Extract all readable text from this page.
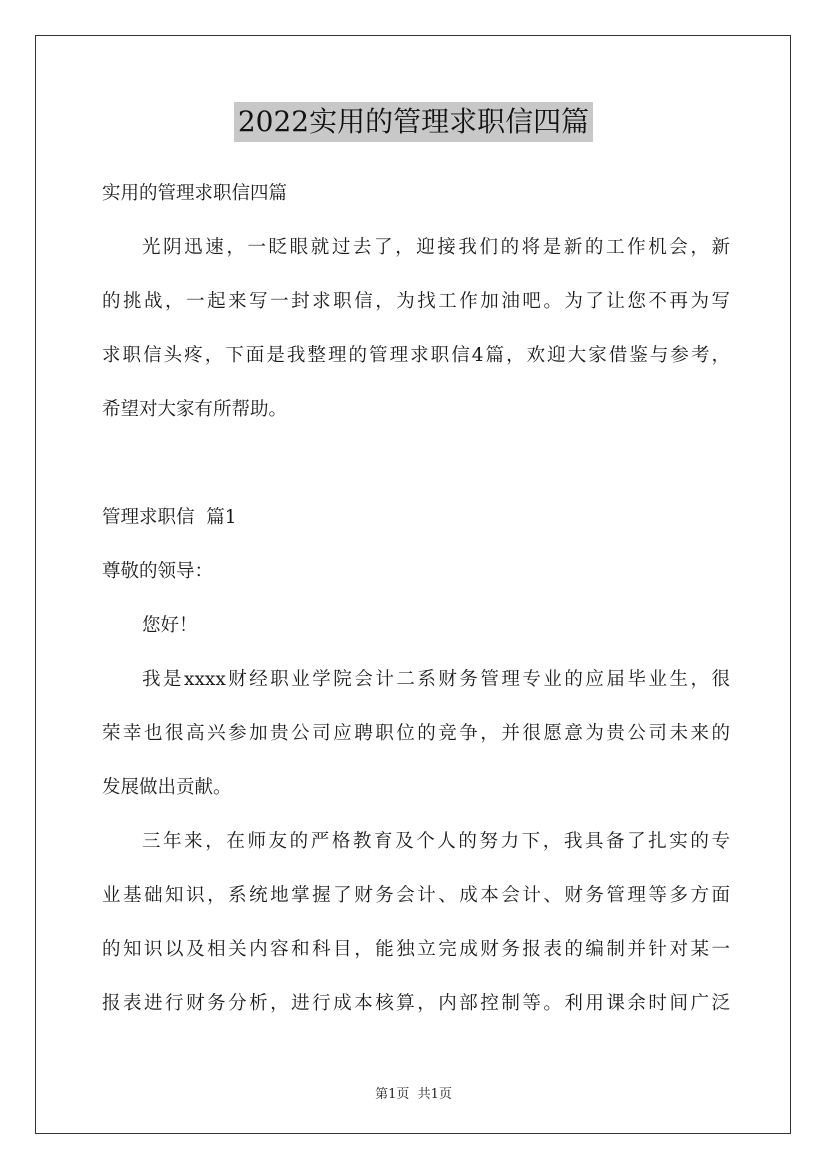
2022实用的管理求职信四篇
实用的管理求职信四篇
光阴迅速，一眨眼就过去了，迎接我们的将是新的工作机会，新
的挑战，一起来写一封求职信，为找工作加油吧。为了让您不再为写
求职信头疼，下面是我整理的管理求职信4篇，欢迎大家借鉴与参考，
希望对大家有所帮助。
管理求职信  篇1
尊敬的领导：
您好！
我是xxxx财经职业学院会计二系财务管理专业的应届毕业生，很
荣幸也很高兴参加贵公司应聘职位的竞争，并很愿意为贵公司未来的
发展做出贡献。
三年来，在师友的严格教育及个人的努力下，我具备了扎实的专
业基础知识，系统地掌握了财务会计、成本会计、财务管理等多方面
的知识以及相关内容和科目，能独立完成财务报表的编制并针对某一
报表进行财务分析，进行成本核算，内部控制等。利用课余时间广泛
第1页  共1页
